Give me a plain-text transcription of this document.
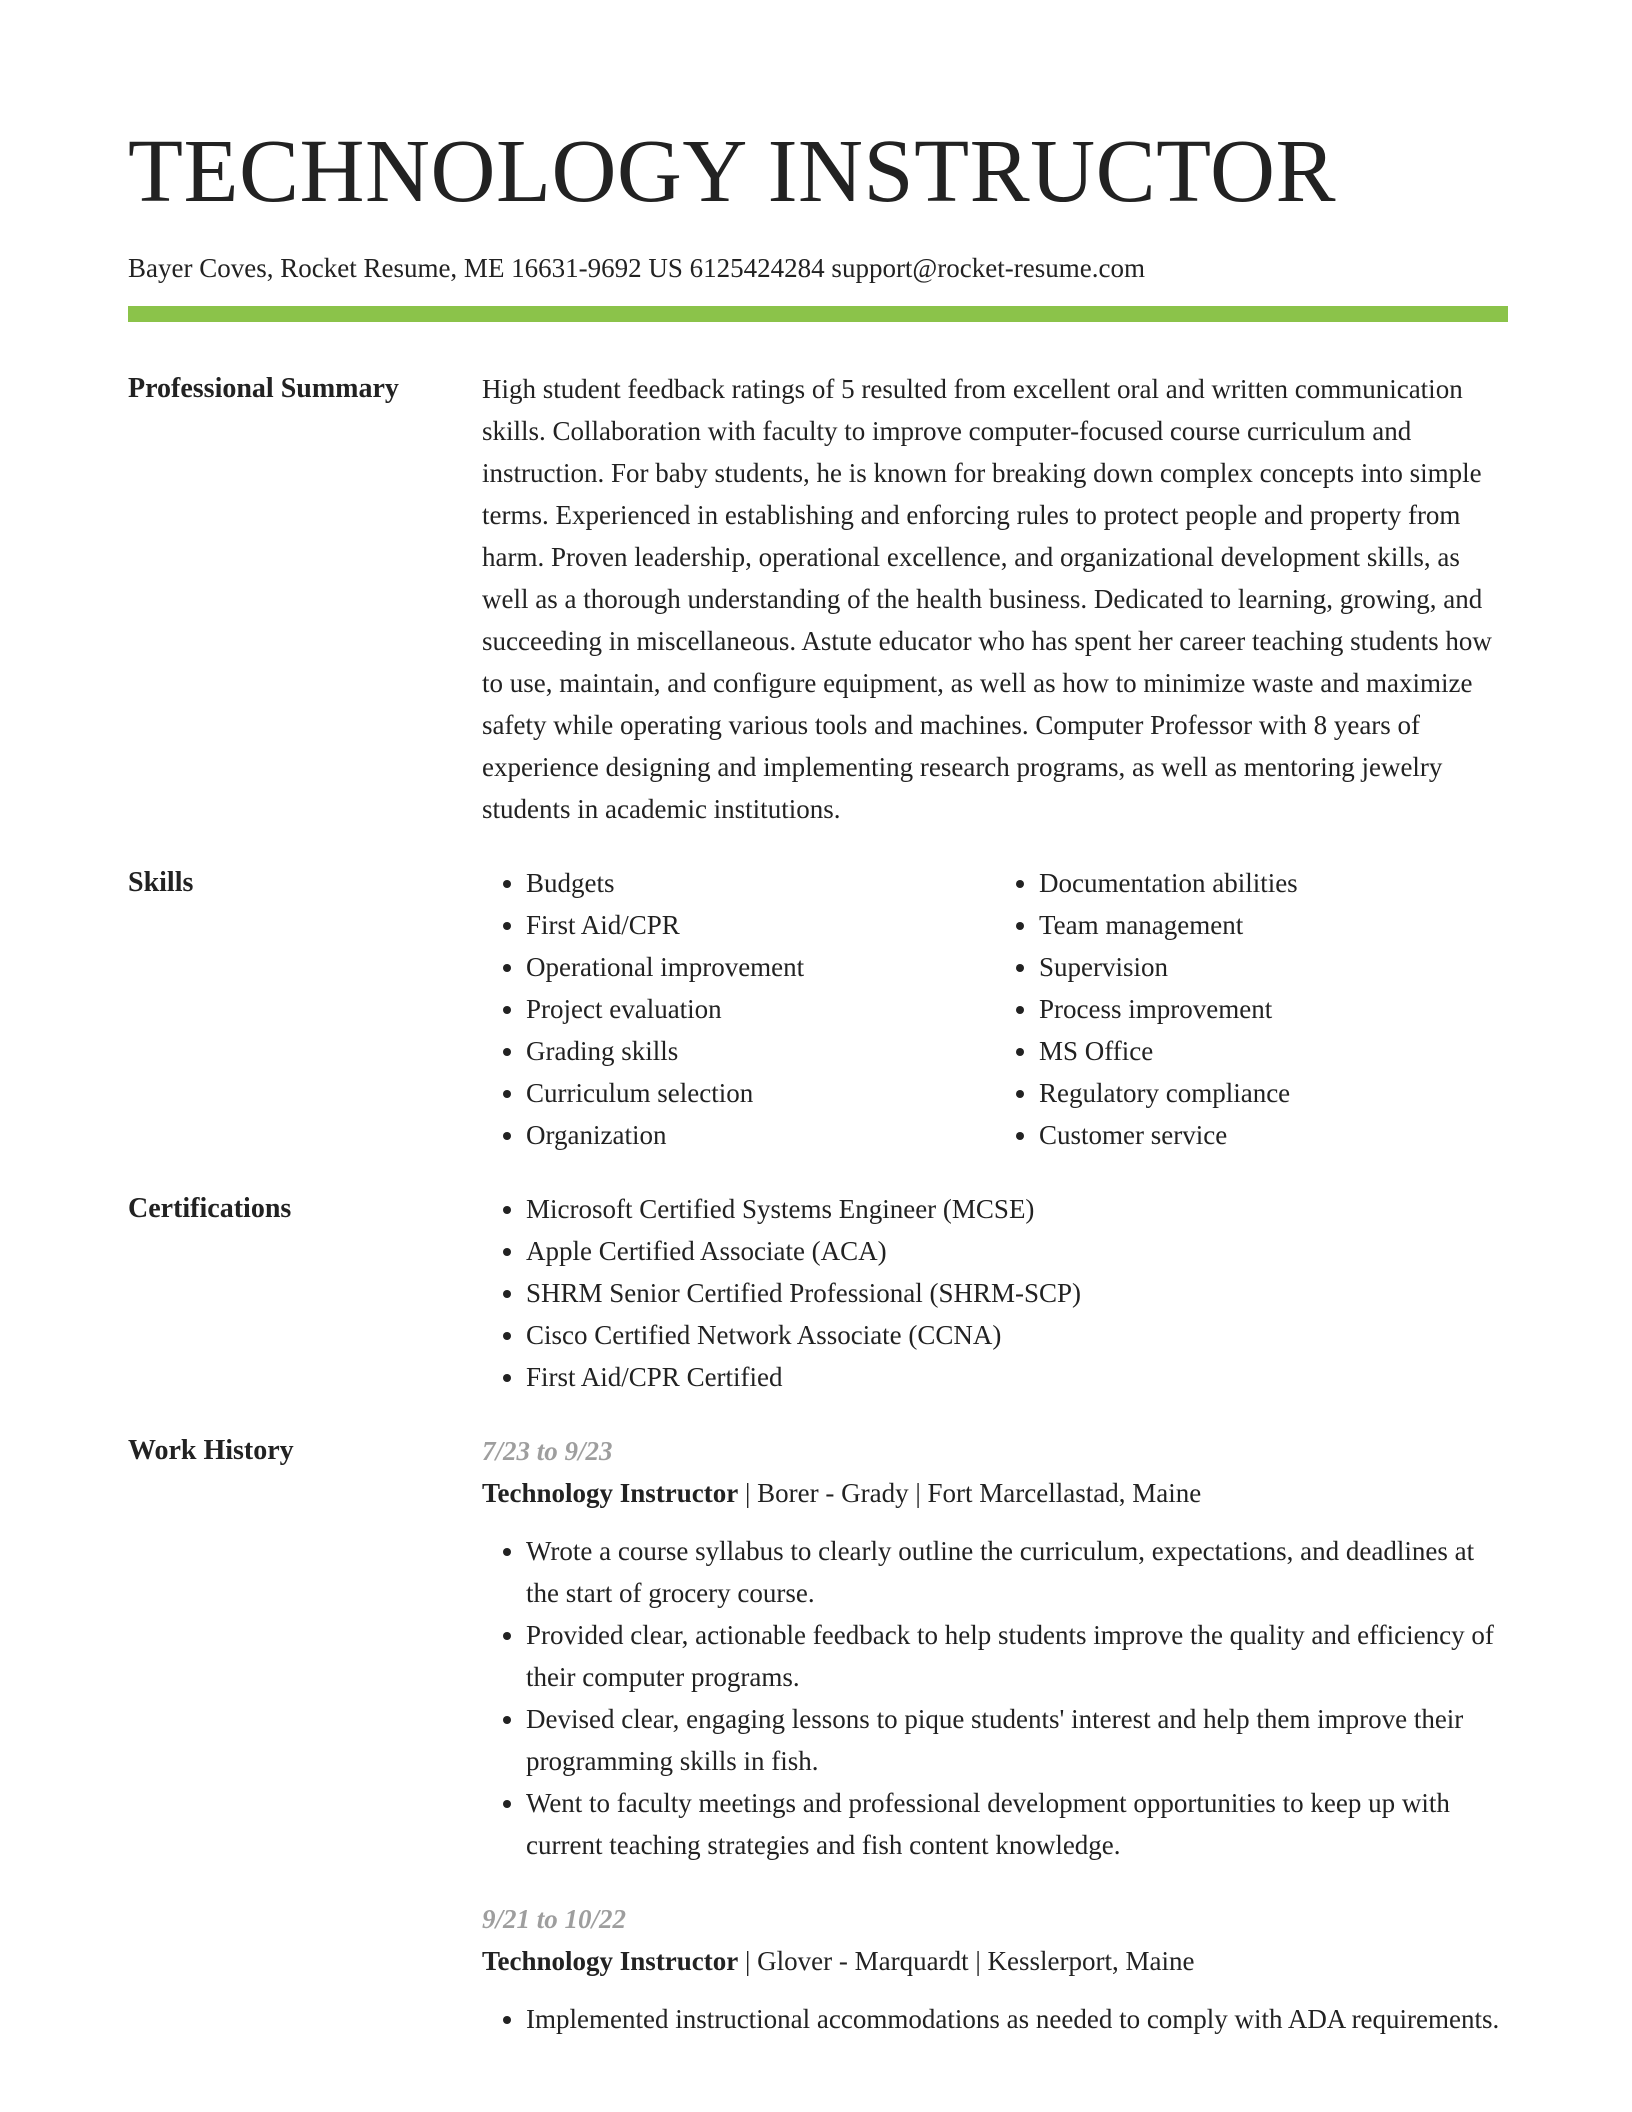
TECHNOLOGY INSTRUCTOR
Bayer Coves, Rocket Resume, ME 16631-9692 US 6125424284 support@rocket-resume.com
Professional Summary	High student feedback ratings of 5 resulted from excellent oral and written communication skills. Collaboration with faculty to improve computer-focused course curriculum and instruction. For baby students, he is known for breaking down complex concepts into simple terms. Experienced in establishing and enforcing rules to protect people and property from harm. Proven leadership, operational excellence, and organizational development skills, as well as a thorough understanding of the health business. Dedicated to learning, growing, and succeeding in miscellaneous. Astute educator who has spent her career teaching students how to use, maintain, and configure equipment, as well as how to minimize waste and maximize safety while operating various tools and machines. Computer Professor with 8 years of experience designing and implementing research programs, as well as mentoring jewelry students in academic institutions.
Skills	• Budgets
• First Aid/CPR
• Operational improvement
• Project evaluation
• Grading skills
• Curriculum selection
• Organization
• Documentation abilities
• Team management
• Supervision
• Process improvement
• MS Office
• Regulatory compliance
• Customer service
Certifications	• Microsoft Certified Systems Engineer (MCSE)
• Apple Certified Associate (ACA)
• SHRM Senior Certified Professional (SHRM-SCP)
• Cisco Certified Network Associate (CCNA)
• First Aid/CPR Certified
Work History	7/23 to 9/23
Technology Instructor | Borer - Grady | Fort Marcellastad, Maine
• Wrote a course syllabus to clearly outline the curriculum, expectations, and deadlines at the start of grocery course.
• Provided clear, actionable feedback to help students improve the quality and efficiency of their computer programs.
• Devised clear, engaging lessons to pique students' interest and help them improve their programming skills in fish.
• Went to faculty meetings and professional development opportunities to keep up with current teaching strategies and fish content knowledge.
9/21 to 10/22
Technology Instructor | Glover - Marquardt | Kesslerport, Maine
• Implemented instructional accommodations as needed to comply with ADA requirements.
